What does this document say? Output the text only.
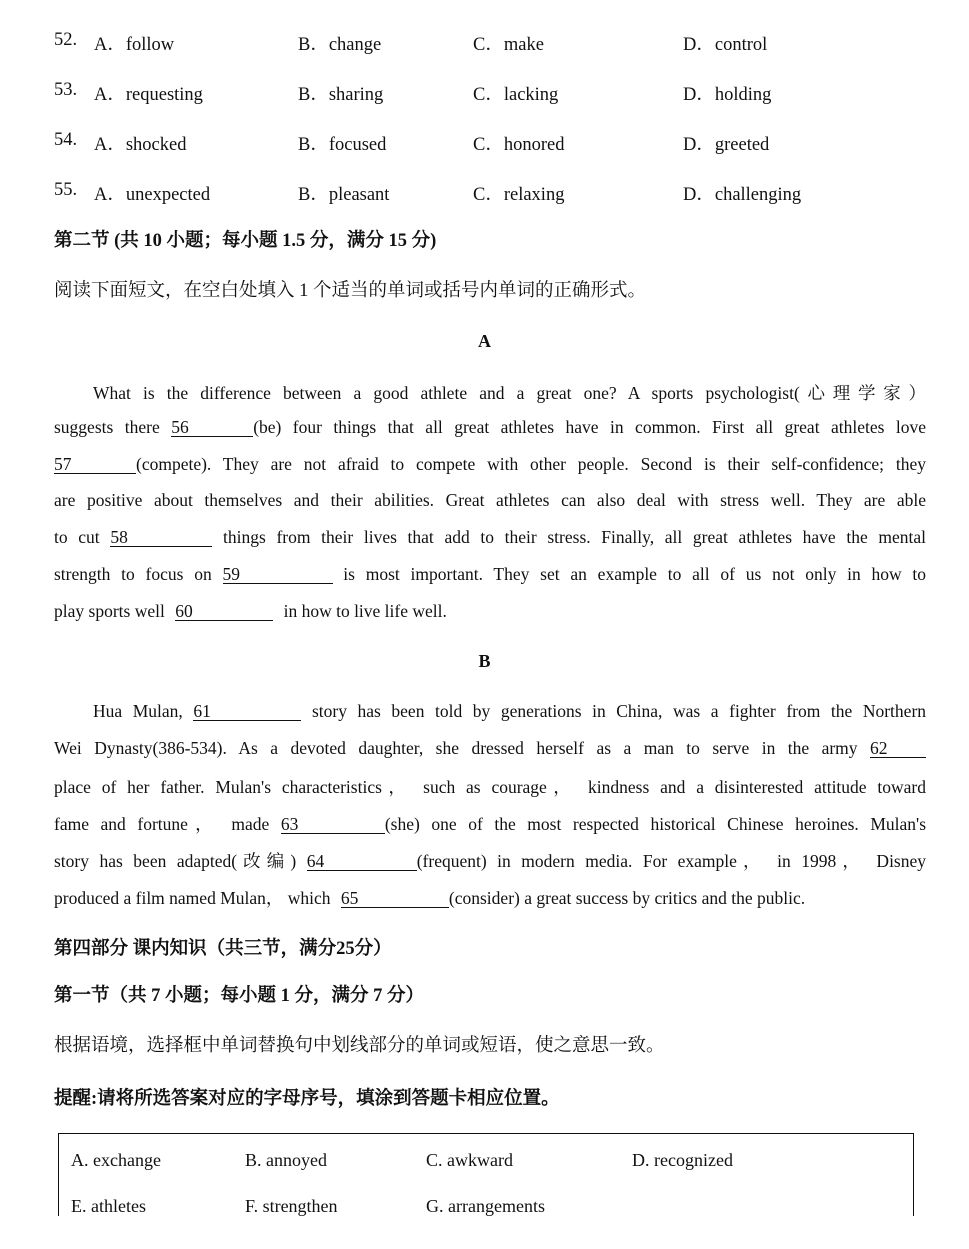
52. A．follow	B．change	C．make	D．control
53. A．requesting	B．sharing	C．lacking	D．holding
54. A．shocked	B．focused	C．honored	D．greeted
55. A．unexpected	B．pleasant	C．relaxing	D．challenging
第二节 (共 10 小题；每小题 1.5 分，满分 15 分)
阅读下面短文，在空白处填入 1 个适当的单词或括号内单词的正确形式。
A
What is the difference between a good athlete and a great one? A sports psychologist(心理学家）
suggests there 56	(be) four things that all great athletes have in common. First all great athletes love
57	(compete). They are not afraid to compete with other people. Second is their self-confidence; they
are positive about themselves and their abilities. Great athletes can also deal with stress well. They are able
to cut 58	things from their lives that add to their stress. Finally, all great athletes have the mental
strength to focus on 59	is most important. They set an example to all of us not only in how to
play sports well 60	in how to live life well.
B
Hua Mulan, 61	story has been told by generations in China, was a fighter from the Northern
Wei Dynasty(386-534). As a devoted daughter, she dressed herself as a man to serve in the army 62
place of her father. Mulan's characteristics， such as courage， kindness and a disinterested attitude toward
fame and fortune， made 63	(she) one of the most respected historical Chinese heroines. Mulan's
story has been adapted(改编) 64	(frequent) in modern media. For example， in 1998， Disney
produced a film named Mulan， which 65	(consider) a great success by critics and the public.
第四部分 课内知识（共三节，满分25分）
第一节（共 7 小题；每小题 1 分，满分 7 分）
根据语境，选择框中单词替换句中划线部分的单词或短语，使之意思一致。
提醒:请将所选答案对应的字母序号，填涂到答题卡相应位置。
A. exchange	B. annoyed	C. awkward	D. recognized
E. athletes	F. strengthen	G. arrangements
